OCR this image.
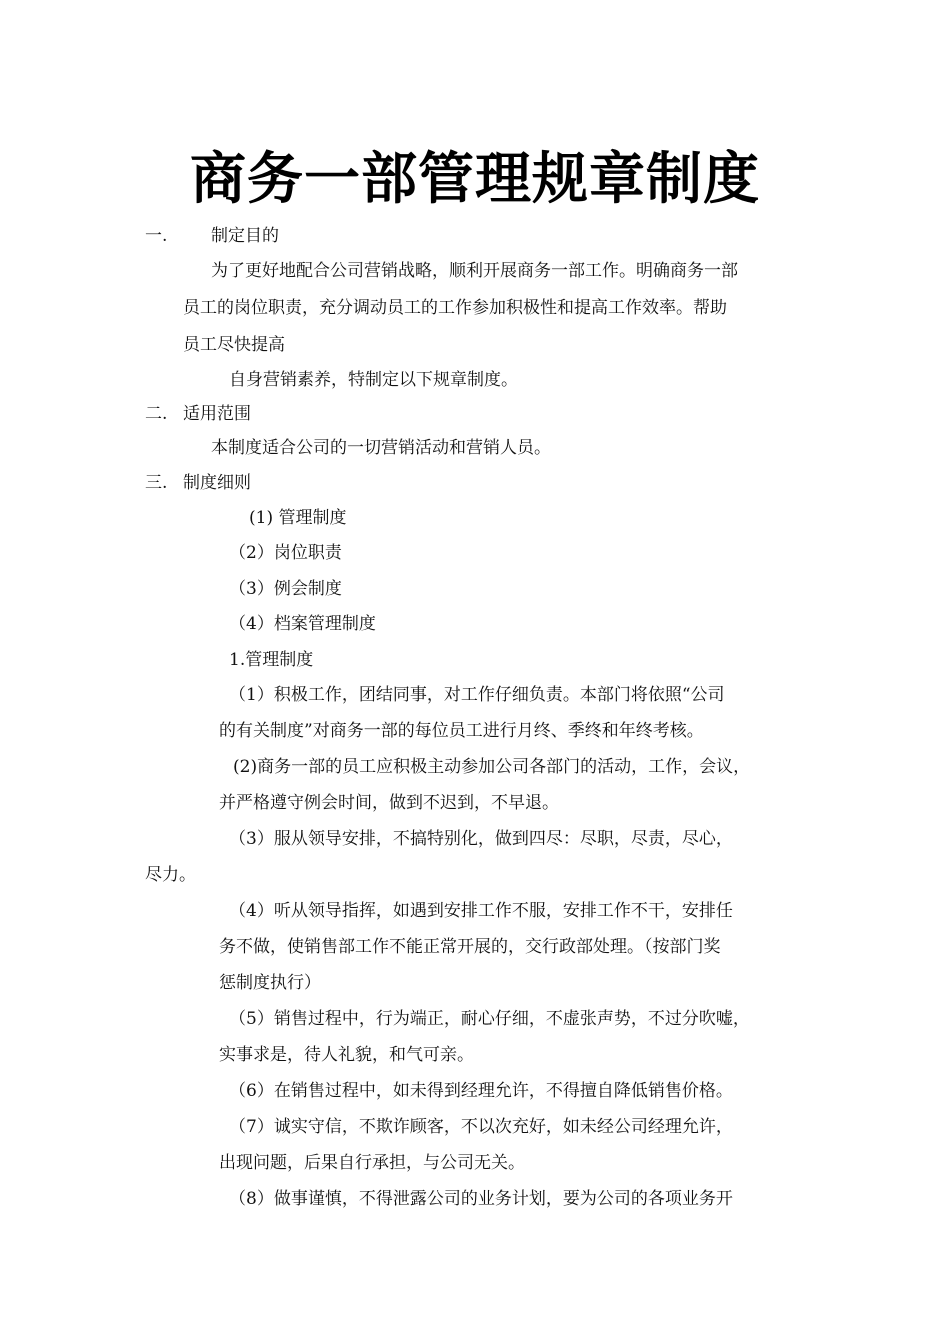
商务一部管理规章制度
一.	制定目的
为了更好地配合公司营销战略，顺利开展商务一部工作。明确商务一部
员工的岗位职责，充分调动员工的工作参加积极性和提高工作效率。帮助
员工尽快提高
自身营销素养，特制定以下规章制度。
二. 适用范围
本制度适合公司的一切营销活动和营销人员。
三. 制度细则
(1) 管理制度
（2）岗位职责
（3）例会制度
（4）档案管理制度
1.管理制度
（1）积极工作，团结同事，对工作仔细负责。本部门将依照“公司
的有关制度”对商务一部的每位员工进行月终、季终和年终考核。
(2)商务一部的员工应积极主动参加公司各部门的活动，工作，会议，
并严格遵守例会时间，做到不迟到，不早退。
（3）服从领导安排，不搞特别化，做到四尽：尽职，尽责，尽心，
尽力。
（4）听从领导指挥，如遇到安排工作不服，安排工作不干，安排任
务不做，使销售部工作不能正常开展的，交行政部处理。（按部门奖
惩制度执行）
（5）销售过程中，行为端正，耐心仔细，不虚张声势，不过分吹嘘，
实事求是，待人礼貌，和气可亲。
（6）在销售过程中，如未得到经理允许，不得擅自降低销售价格。
（7）诚实守信，不欺诈顾客，不以次充好，如未经公司经理允许，
出现问题，后果自行承担，与公司无关。
（8）做事谨慎，不得泄露公司的业务计划，要为公司的各项业务开
